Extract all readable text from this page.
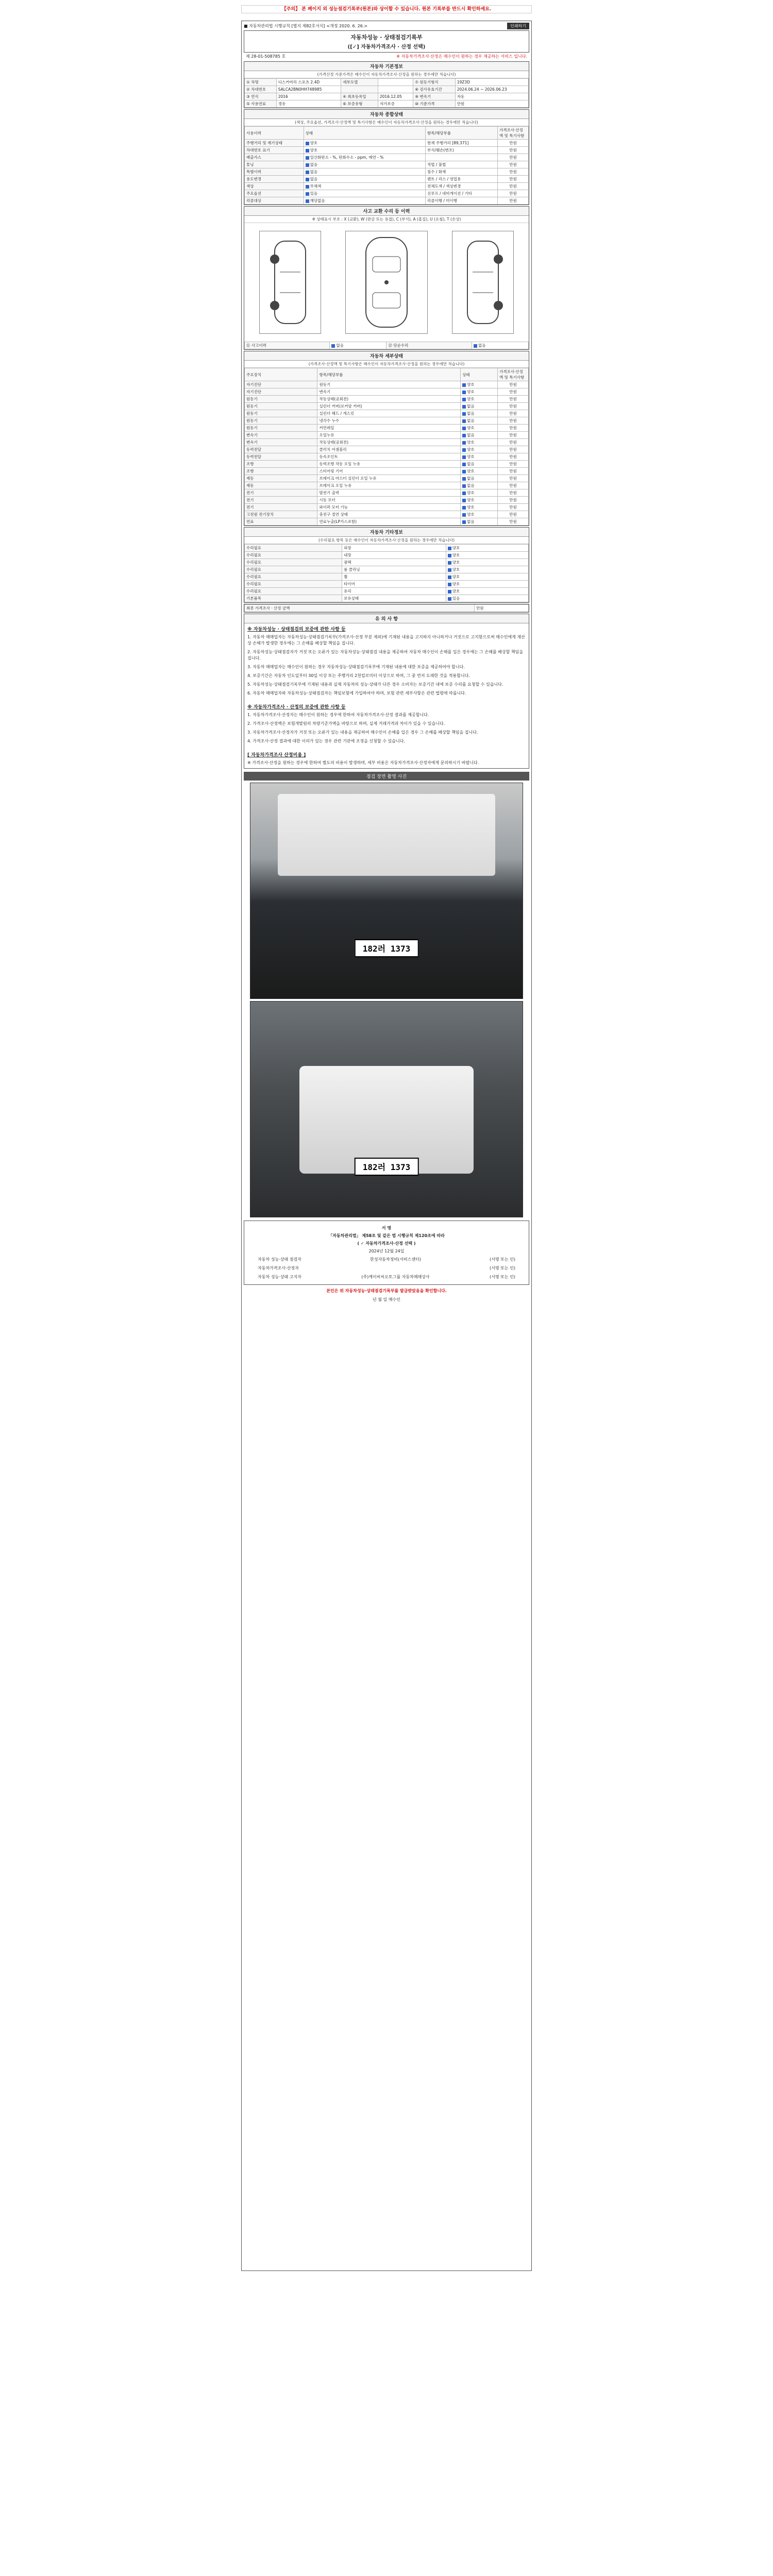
【주의】 본 페이지 외 성능점검기록부(원본)와 상이할 수 있습니다. 원본 기록부를 반드시 확인하세요.
■ 자동차관리법 시행규칙 [별지 제82호서식] <개정 2020. 6. 26.>	인쇄하기
자동차성능 · 상태점검기록부
([✓] 자동차가격조사 · 산정 선택)
제 28-01-508785 호	※ 자동차가격조사·산정은 매수인이 원하는 경우 제공하는 서비스 입니다.
자동차 기본정보
(가격산정 기준가격은 매수인이 자동차가격조사·산정을 원하는 경우에만 적습니다)
① 차명	디스커버리 스포츠 2.4D	세부모델		⑦ 원동기형식	19Z3D
② 차대번호	SALCA2BN0HH748985			⑧ 검사유효기간	2024.06.24 ~ 2026.06.23
③ 연식	2016	④ 최초등록일	2016.12.05	⑨ 변속기	자동
⑤ 사용연료	경유	⑥ 보증유형	자가보증	⑩ 기준가격	만원
자동차 종합상태
(색상, 주요옵션, 가격조사·산정액 및 특기사항은 매수인이 자동차가격조사·산정을 원하는 경우에만 적습니다)
사용이력	상태	항목/해당부품	가격조사·산정액 및 특기사항
주행거리 및 계기상태	양호	현재 주행거리 [89,371]	만원
차대번호 표기	양호	부식/훼손(변조)	만원
배출가스	일산화탄소 - %, 탄화수소 - ppm, 매연 - %		만원
튜닝	없음	적법 / 불법	만원
특별이력	없음	침수 / 화재	만원
용도변경	없음	렌트 / 리스 / 영업용	만원
색상	무채색	전체도색 / 색상변경	만원
주요옵션	있음	선루프 / 네비게이션 / 기타	만원
리콜대상	해당없음	리콜이행 / 미이행	만원
사고 교환 수리 등 이력
※ 상태표시 부호 : X (교환), W (판금 또는 용접), C (부식), A (흠집), U (요철), T (손상)
⑪ 사고이력	없음	⑫ 단순수리	없음
자동차 세부상태
(가격조사·산정액 및 특기사항은 매수인이 자동차가격조사·산정을 원하는 경우에만 적습니다)
주요장치	항목/해당부품	상태	가격조사·산정액 및 특기사항
자기진단	원동기	양호	만원
자기진단	변속기	양호	만원
원동기	작동상태(공회전)	양호	만원
원동기	실린더 커버(로커암 커버)	없음	만원
원동기	실린더 헤드 / 개스킷	없음	만원
원동기	냉각수 누수	없음	만원
원동기	커먼레일	양호	만원
변속기	오일누유	없음	만원
변속기	작동상태(공회전)	양호	만원
동력전달	클러치 어셈블리	양호	만원
동력전달	등속조인트	양호	만원
조향	동력조향 작동 오일 누유	없음	만원
조향	스티어링 기어	양호	만원
제동	브레이크 마스터 실린더 오일 누유	없음	만원
제동	브레이크 오일 누유	없음	만원
전기	발전기 출력	양호	만원
전기	시동 모터	양호	만원
전기	와이퍼 모터 기능	양호	만원
고전원 전기장치	충전구 절연 상태	양호	만원
연료	연료누출(LP가스포함)	없음	만원
자동차 기타정보
(수리필요 항목 등은 매수인이 자동차가격조사·산정을 원하는 경우에만 적습니다)
수리필요	외장	양호
수리필요	내장	양호
수리필요	광택	양호
수리필요	룸 클리닝	양호
수리필요	휠	양호
수리필요	타이어	양호
수리필요	유리	양호
기본품목	보유상태	있음
최종 가격조사 · 산정 금액	만원
유 의 사 항
※ 자동차성능 · 상태점검의 보증에 관한 사항 등

1. 자동차 매매업자는 자동차성능·상태점검기록부(가격조사·산정 부분 제외)에 기재된 내용을 고지하지 아니하거나 거짓으로 고지함으로써 매수인에게 재산상 손해가 발생한 경우에는 그 손해를 배상할 책임을 집니다.

2. 자동차성능·상태점검자가 거짓 또는 오류가 있는 자동차성능·상태점검 내용을 제공하여 자동차 매수인이 손해를 입은 경우에는 그 손해를 배상할 책임을 집니다.

3. 자동차 매매업자는 매수인이 원하는 경우 자동차성능·상태점검기록부에 기재된 내용에 대한 보증을 제공하여야 합니다.

4. 보증기간은 자동차 인도일부터 30일 이상 또는 주행거리 2천킬로미터 이상으로 하며, 그 중 먼저 도래한 것을 적용합니다.

5. 자동차성능·상태점검기록부에 기재된 내용과 실제 자동차의 성능·상태가 다른 경우 소비자는 보증기간 내에 보증 수리를 요청할 수 있습니다.

6. 자동차 매매업자와 자동차성능·상태점검자는 책임보험에 가입하여야 하며, 보험 관련 세부사항은 관련 법령에 따릅니다.

※ 자동차가격조사 · 산정의 보증에 관한 사항 등

1. 자동차가격조사·산정자는 매수인이 원하는 경우에 한하여 자동차가격조사·산정 결과를 제공합니다.

2. 가격조사·산정액은 보험개발원의 차량기준가액을 바탕으로 하며, 실제 거래가격과 차이가 있을 수 있습니다.

3. 자동차가격조사·산정자가 거짓 또는 오류가 있는 내용을 제공하여 매수인이 손해를 입은 경우 그 손해를 배상할 책임을 집니다.

4. 가격조사·산정 결과에 대한 이의가 있는 경우 관련 기관에 조정을 신청할 수 있습니다.

[ 자동차가격조사 산정비용 ]
※ 가격조사·산정을 원하는 경우에 한하여 별도의 비용이 발생하며, 세부 비용은 자동차가격조사·산정자에게 문의하시기 바랍니다.
점검 장면 촬영 사진
182러 1373
182러 1373
서 명
「자동차관리법」 제58조 및 같은 법 시행규칙 제120조에 따라
( ✓ 자동차가격조사·산정 선택 )
2024년 12월 24일
자동차 성능·상태 점검자	한성자동차정비(서비스센터)	(서명 또는 인)
자동차가격조사·산정자	(서명 또는 인)
자동차 성능·상태 고지자	(주)케이씨씨오토그룹 자동차매매상사	(서명 또는 인)
본인은 위 자동차성능·상태점검기록부를 발급받았음을 확인합니다.
년 월 일 매수인
